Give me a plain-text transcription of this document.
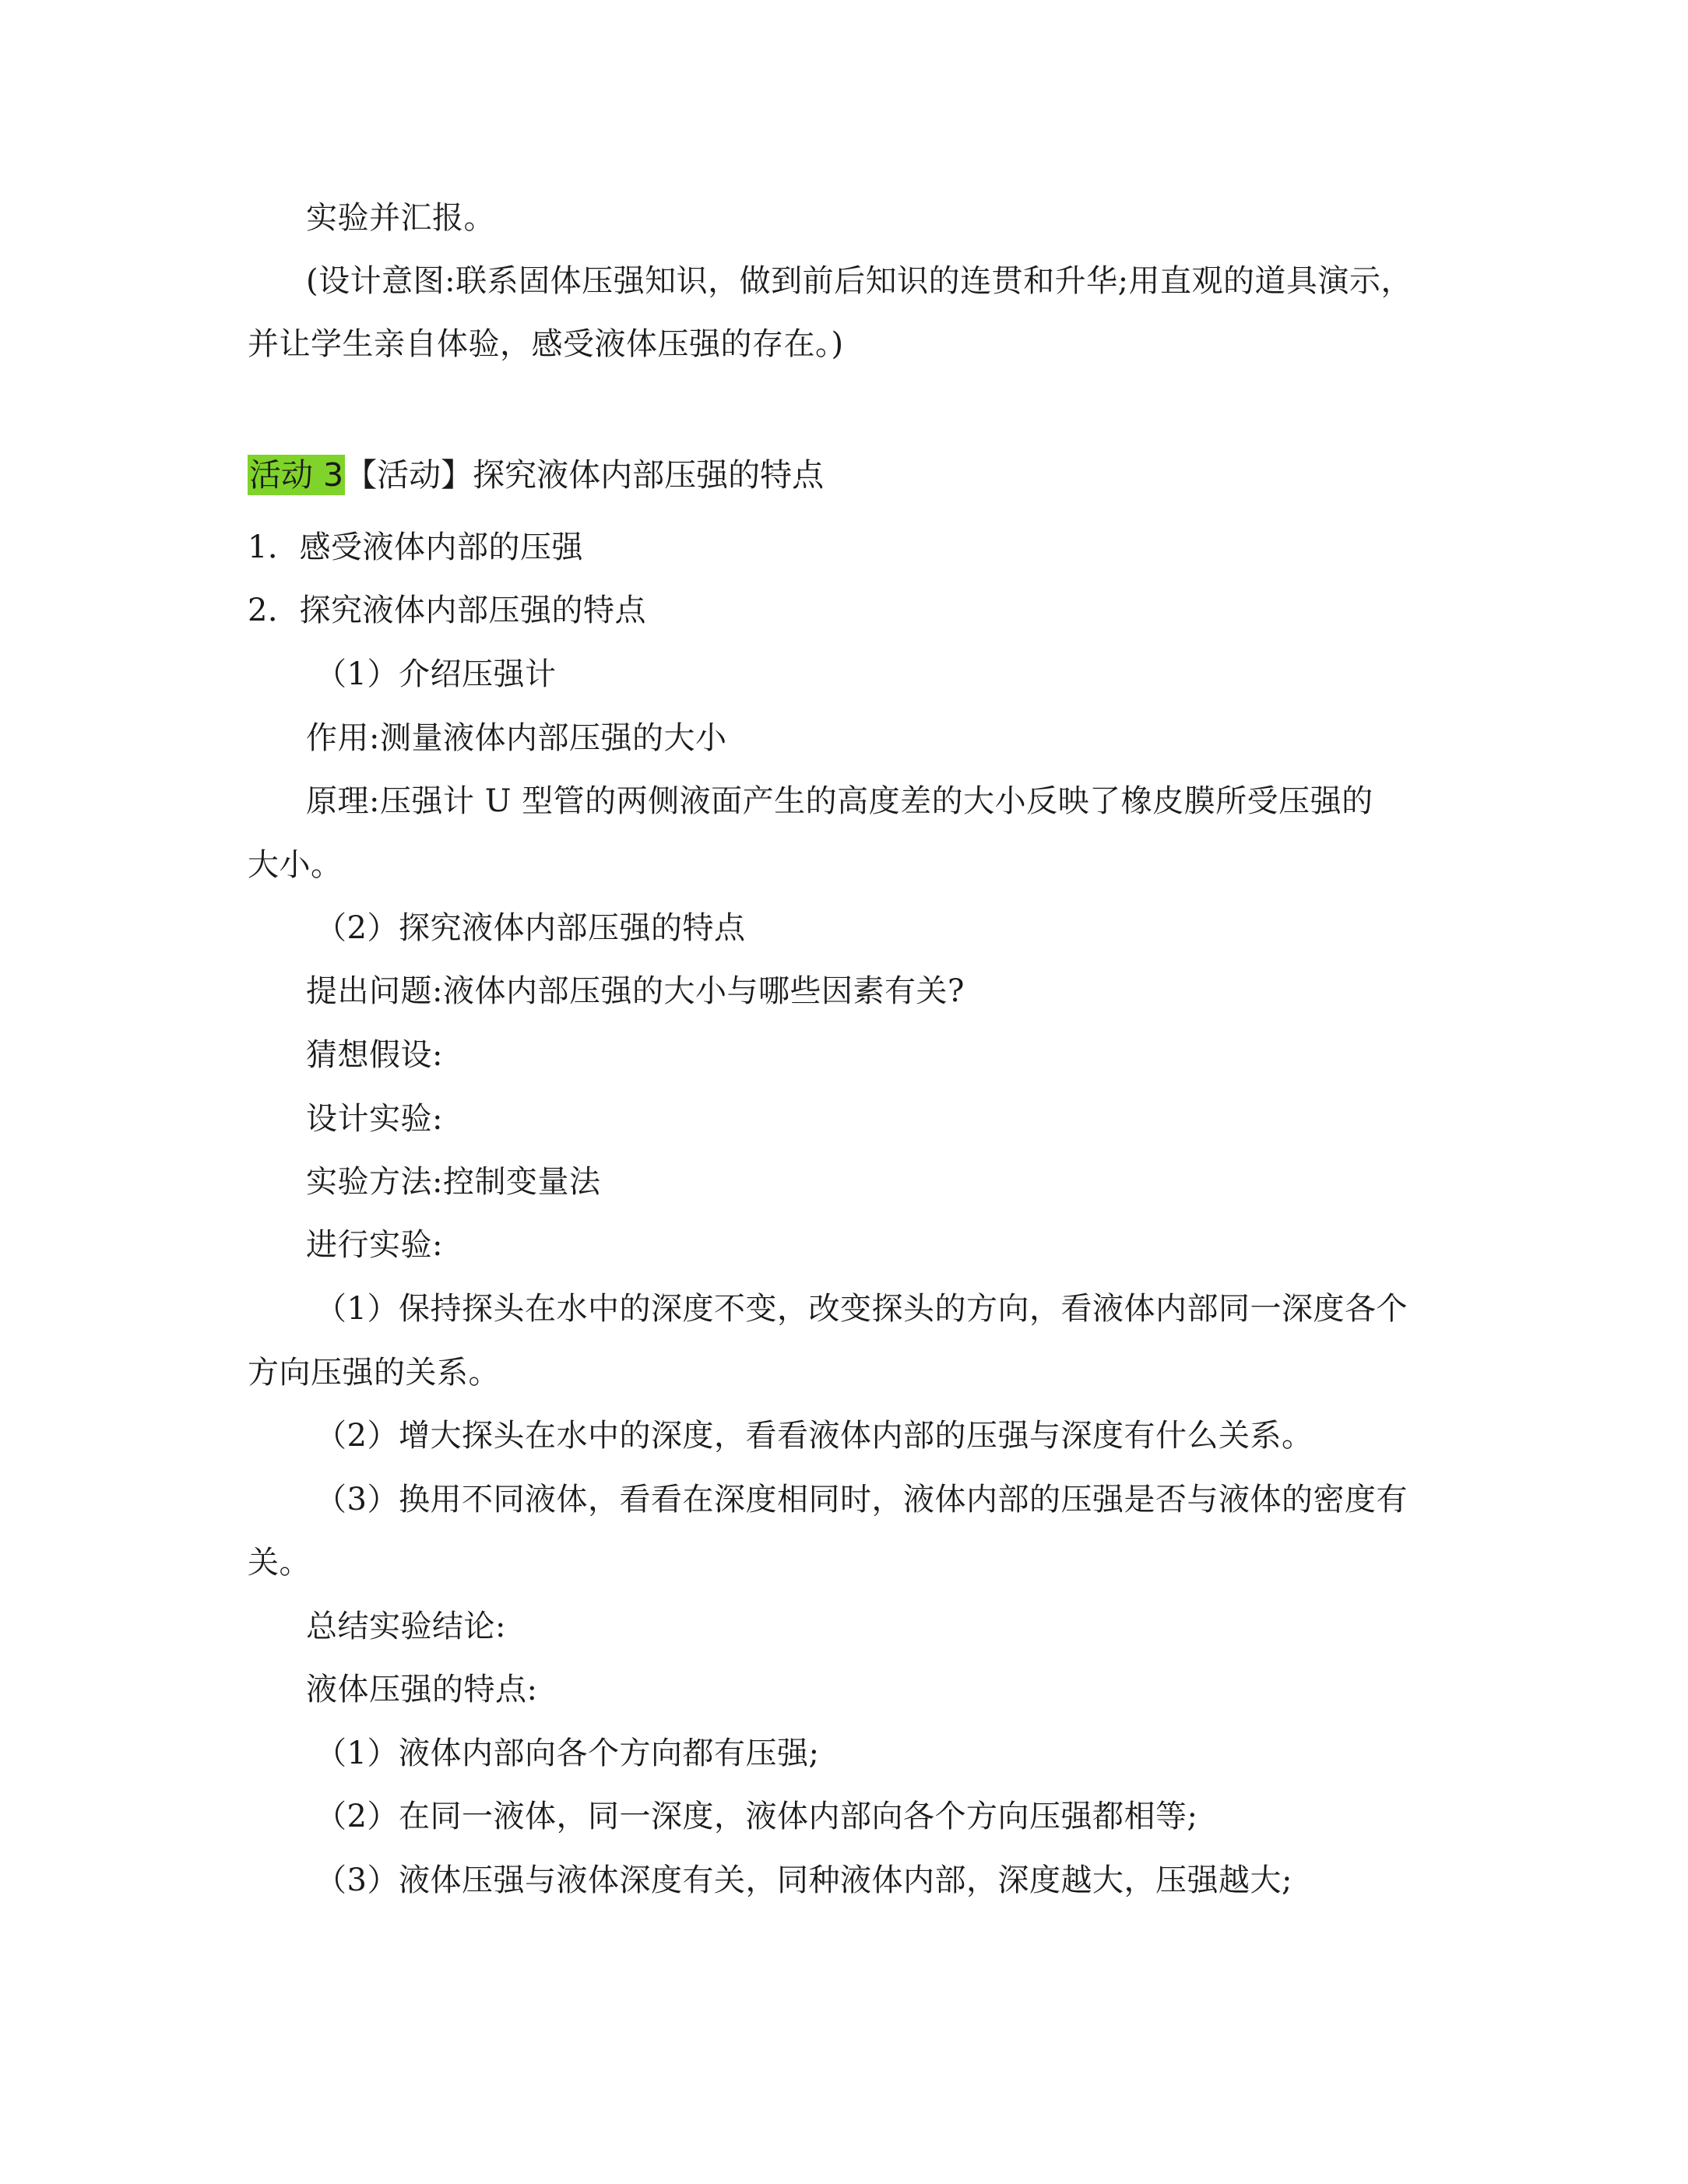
实验并汇报。
(设计意图:联系固体压强知识，做到前后知识的连贯和升华;用直观的道具演示，
并让学生亲自体验，感受液体压强的存在。)
活动 3【活动】探究液体内部压强的特点
1．感受液体内部的压强
2．探究液体内部压强的特点
（1）介绍压强计
作用:测量液体内部压强的大小
原理:压强计 U 型管的两侧液面产生的高度差的大小反映了橡皮膜所受压强的
大小。
（2）探究液体内部压强的特点
提出问题:液体内部压强的大小与哪些因素有关?
猜想假设:
设计实验:
实验方法:控制变量法
进行实验:
（1）保持探头在水中的深度不变，改变探头的方向，看液体内部同一深度各个
方向压强的关系。
（2）增大探头在水中的深度，看看液体内部的压强与深度有什么关系。
（3）换用不同液体，看看在深度相同时，液体内部的压强是否与液体的密度有
关。
总结实验结论:
液体压强的特点:
（1）液体内部向各个方向都有压强;
（2）在同一液体，同一深度，液体内部向各个方向压强都相等;
（3）液体压强与液体深度有关，同种液体内部，深度越大，压强越大;
